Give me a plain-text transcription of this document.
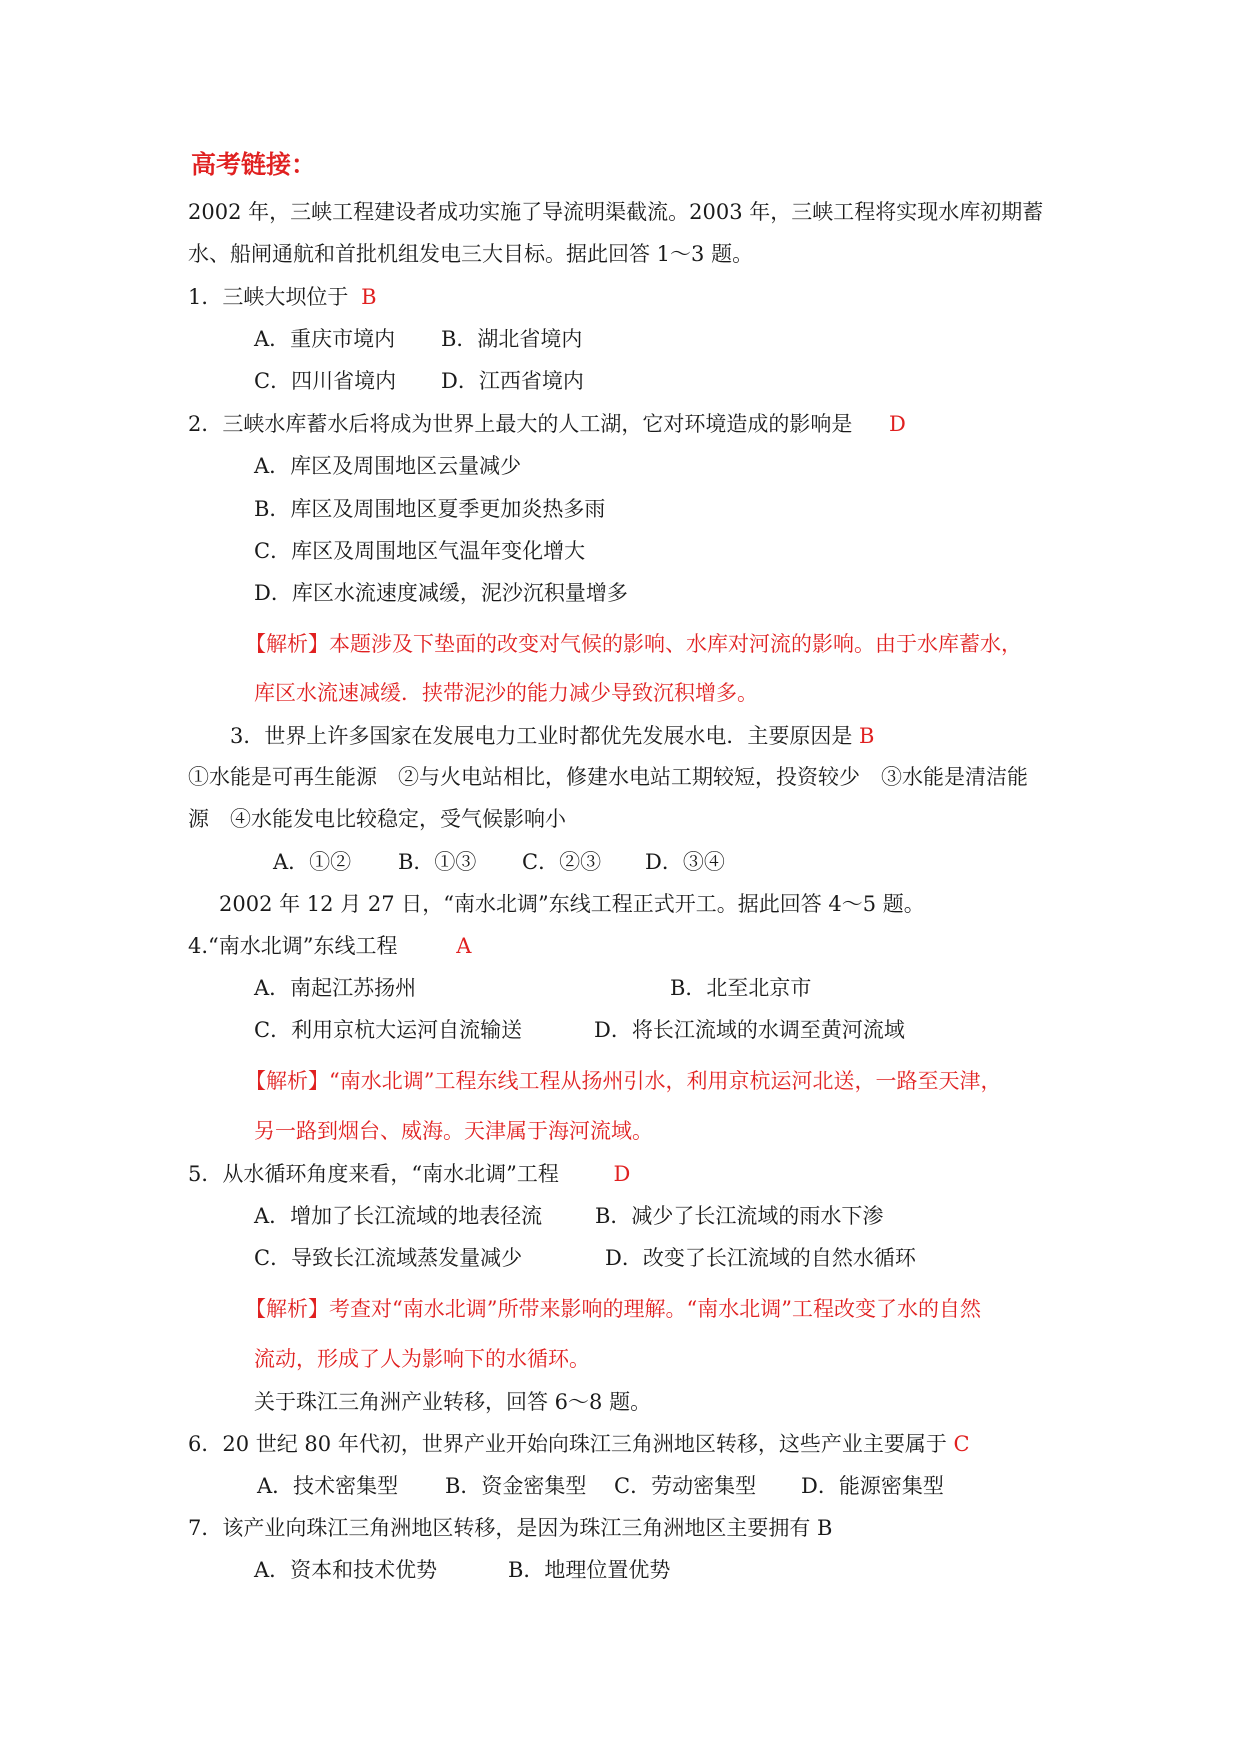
高考链接：
2002 年，三峡工程建设者成功实施了导流明渠截流。2003 年，三峡工程将实现水库初期蓄
水、船闸通航和首批机组发电三大目标。据此回答 1～3 题。
1．三峡大坝位于 B
A．重庆市境内 B．湖北省境内
C．四川省境内 D．江西省境内
2．三峡水库蓄水后将成为世界上最大的人工湖，它对环境造成的影响是 D
A．库区及周围地区云量减少
B．库区及周围地区夏季更加炎热多雨
C．库区及周围地区气温年变化增大
D．库区水流速度减缓，泥沙沉积量增多
【解析】本题涉及下垫面的改变对气候的影响、水库对河流的影响。由于水库蓄水，
库区水流速减缓．挟带泥沙的能力减少导致沉积增多。
3．世界上许多国家在发展电力工业时都优先发展水电．主要原因是 B
①水能是可再生能源　②与火电站相比，修建水电站工期较短，投资较少　③水能是清洁能
源　④水能发电比较稳定，受气候影响小
A．①② B．①③ C．②③ D．③④
2002 年 12 月 27 日，“南水北调”东线工程正式开工。据此回答 4～5 题。
4.“南水北调”东线工程	A
A．南起江苏扬州	B．北至北京市
C．利用京杭大运河自流输送	D．将长江流域的水调至黄河流域
【解析】“南水北调”工程东线工程从扬州引水，利用京杭运河北送，一路至天津，
另一路到烟台、威海。天津属于海河流域。
5．从水循环角度来看，“南水北调”工程	D
A．增加了长江流域的地表径流	B．减少了长江流域的雨水下渗
C．导致长江流域蒸发量减少	D．改变了长江流域的自然水循环
【解析】考查对“南水北调”所带来影响的理解。“南水北调”工程改变了水的自然
流动，形成了人为影响下的水循环。
关于珠江三角洲产业转移，回答 6～8 题。
6．20 世纪 80 年代初，世界产业开始向珠江三角洲地区转移，这些产业主要属于 C
A．技术密集型 B．资金密集型 C．劳动密集型 D．能源密集型
7．该产业向珠江三角洲地区转移，是因为珠江三角洲地区主要拥有 B
A．资本和技术优势	B．地理位置优势
